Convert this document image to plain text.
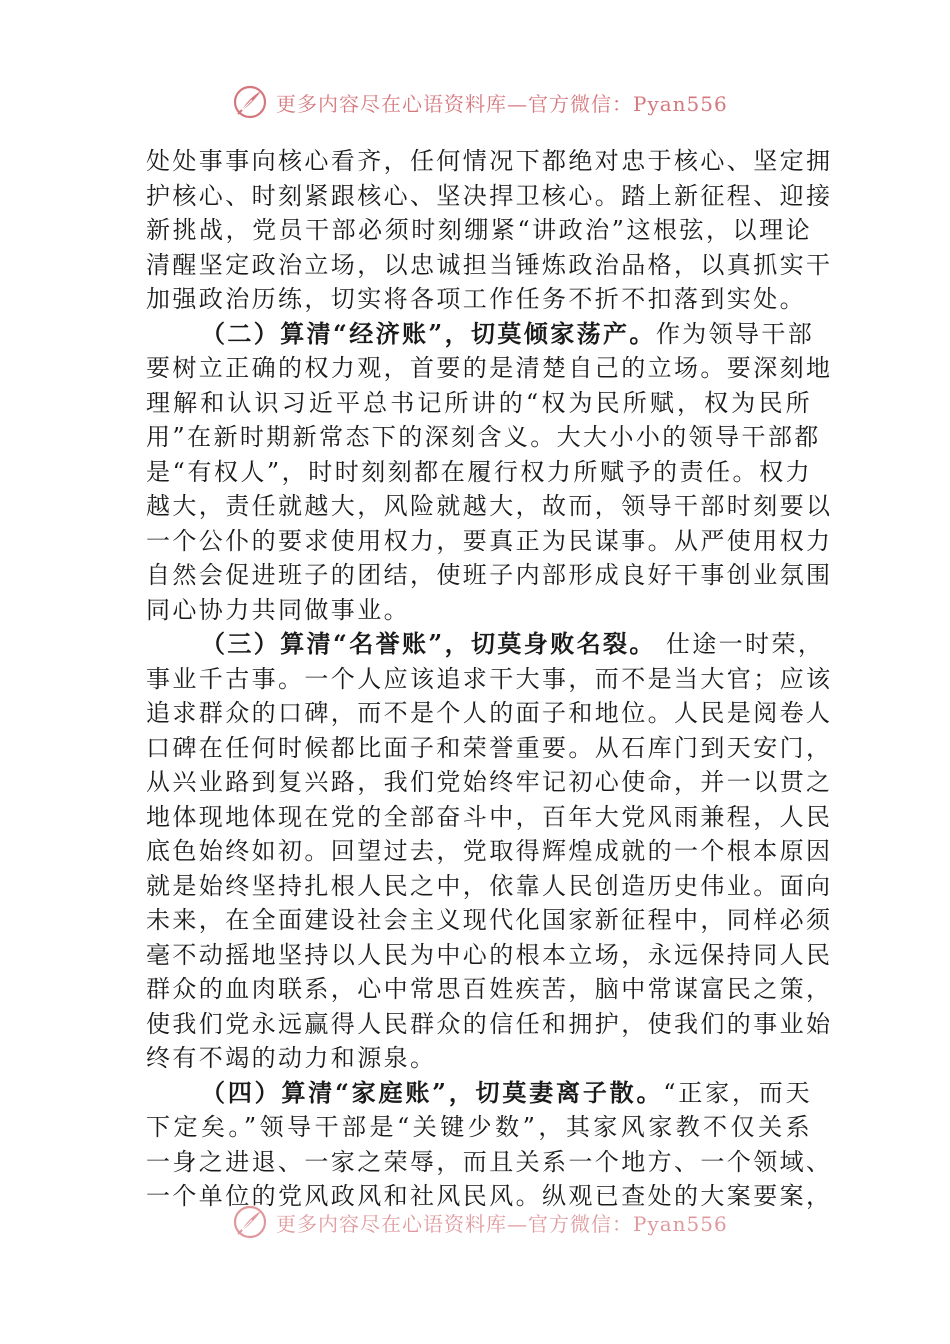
更多内容尽在心语资料库—官方微信：Pyan556
处处事事向核心看齐，任何情况下都绝对忠于核心、坚定拥
护核心、时刻紧跟核心、坚决捍卫核心。踏上新征程、迎接
新挑战，党员干部必须时刻绷紧“讲政治”这根弦，以理论
清醒坚定政治立场，以忠诚担当锤炼政治品格，以真抓实干
加强政治历练，切实将各项工作任务不折不扣落到实处。
（二）算清“经济账”，切莫倾家荡产。作为领导干部
要树立正确的权力观，首要的是清楚自己的立场。要深刻地
理解和认识习近平总书记所讲的“权为民所赋，权为民所
用”在新时期新常态下的深刻含义。大大小小的领导干部都
是“有权人”，时时刻刻都在履行权力所赋予的责任。权力
越大，责任就越大，风险就越大，故而，领导干部时刻要以
一个公仆的要求使用权力，要真正为民谋事。从严使用权力
自然会促进班子的团结，使班子内部形成良好干事创业氛围
同心协力共同做事业。
（三）算清“名誉账”，切莫身败名裂。 仕途一时荣，
事业千古事。一个人应该追求干大事，而不是当大官；应该
追求群众的口碑，而不是个人的面子和地位。人民是阅卷人
口碑在任何时候都比面子和荣誉重要。从石库门到天安门，
从兴业路到复兴路，我们党始终牢记初心使命，并一以贯之
地体现地体现在党的全部奋斗中，百年大党风雨兼程，人民
底色始终如初。回望过去，党取得辉煌成就的一个根本原因
就是始终坚持扎根人民之中，依靠人民创造历史伟业。面向
未来，在全面建设社会主义现代化国家新征程中，同样必须
毫不动摇地坚持以人民为中心的根本立场，永远保持同人民
群众的血肉联系，心中常思百姓疾苦，脑中常谋富民之策，
使我们党永远赢得人民群众的信任和拥护，使我们的事业始
终有不竭的动力和源泉。
（四）算清“家庭账”，切莫妻离子散。“正家，而天
下定矣。”领导干部是“关键少数”，其家风家教不仅关系
一身之进退、一家之荣辱，而且关系一个地方、一个领域、
一个单位的党风政风和社风民风。纵观已查处的大案要案，
更多内容尽在心语资料库—官方微信：Pyan556
